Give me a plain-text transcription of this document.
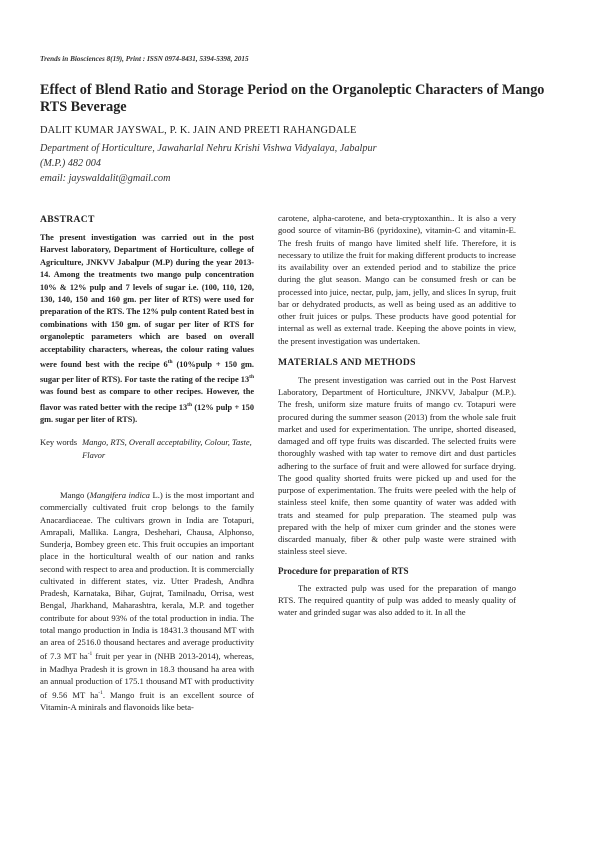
Trends in Biosciences 8(19), Print : ISSN 0974-8431, 5394-5398, 2015
Effect of Blend Ratio and Storage Period on the Organoleptic Characters of Mango RTS Beverage
DALIT KUMAR JAYSWAL, P. K. JAIN AND PREETI RAHANGDALE
Department of Horticulture, Jawaharlal Nehru Krishi Vishwa Vidyalaya, Jabalpur
(M.P.) 482 004
email: jayswaldalit@gmail.com
ABSTRACT

The present investigation was carried out in the post Harvest laboratory, Department of Horticulture, college of Agriculture, JNKVV Jabalpur (M.P) during the year 2013-14. Among the treatments two mango pulp concentration 10% & 12% pulp and 7 levels of sugar i.e. (100, 110, 120, 130, 140, 150 and 160 gm. per liter of RTS) were used for preparation of the RTS. The 12% pulp content Rated best in combinations with 150 gm. of sugar per liter of RTS for organoleptic parameters which are based on overall acceptability characters, whereas, the colour rating values were found best with the recipe 6th (10%pulp + 150 gm. sugar per liter of RTS). For taste the rating of the recipe 13th was found best as compare to other recipes. However, the flavor was rated better with the recipe 13th (12% pulp + 150 gm. sugar per liter of RTS).

Key words Mango, RTS, Overall acceptability, Colour, Taste, Flavor

Mango (Mangifera indica L.) is the most important and commercially cultivated fruit crop belongs to the family Anacardiaceae. The cultivars grown in India are Totapuri, Amrapali, Mallika. Langra, Deshehari, Chausa, Alphonso, Sunderja, Bombey green etc. This fruit occupies an important place in the horticultural wealth of our nation and ranks second with respect to area and production. It is commercially cultivated in different states, viz. Utter Pradesh, Andhra Pradesh, Karnataka, Bihar, Gujrat, Tamilnadu, Orrisa, west Bengal, Jharkhand, Maharashtra, kerala, M.P. and together contribute for about 93% of the total production in india. The total mango production in India is 18431.3 thousand MT with an area of 2516.0 thousand hectares and average productivity of 7.3 MT $ha^{-1}$ fruit per year in (NHB 2013-2014), whereas, in Madhya Pradesh it is grown in 18.3 thousand ha area with an annual production of 175.1 thousand MT with productivity of 9.56 MT $ha^{-1}$. Mango fruit is an excellent source of Vitamin-A minirals and flavonoids like beta-

carotene, alpha-carotene, and beta-cryptoxanthin.. It is also a very good source of vitamin-B6 (pyridoxine), vitamin-C and vitamin-E. The fresh fruits of mango have limited shelf life. Therefore, it is necessary to utilize the fruit for making different products to increase its availability over an extended period and to stabilize the price during the glut season. Mango can be consumed fresh or can be processed into juice, nectar, pulp, jam, jelly, and slices In syrup, fruit bar or dehydrated products, as well as being used as an additive to other fruit juices or pulps. These products have good potential for internal as well as external trade. Keeping the above points in view, the present investigation was undertaken.

MATERIALS AND METHODS

The present investigation was carried out in the Post Harvest Laboratory, Department of Horticulture, JNKVV, Jabalpur (M.P.). The fresh, uniform size mature fruits of mango cv. Totapuri were procured during the summer season (2013) from the whole sale fruit market and used for experimentation. The unripe, shorted diseased, damaged and off type fruits was discarded. The selected fruits were thoroughly washed with tap water to remove dirt and dust particles adhering to the surface of fruit and were allowed for surface drying. The good quality shorted fruits were picked up and used for the purpose of experimentation. The fruits were peeled with the help of stainless steel knife, then some quantity of water was added with trats and steamed for pulp preparation. The steamed pulp was prepared with the help of mixer cum grinder and the stones were discarded manualy, fiber & other pulp waste were strained with stainless steel sieve.

Procedure for preparation of RTS

The extracted pulp was used for the preparation of mango RTS. The required quantity of pulp was added to measly quality of water and grinded sugar was also added to it. In all the
